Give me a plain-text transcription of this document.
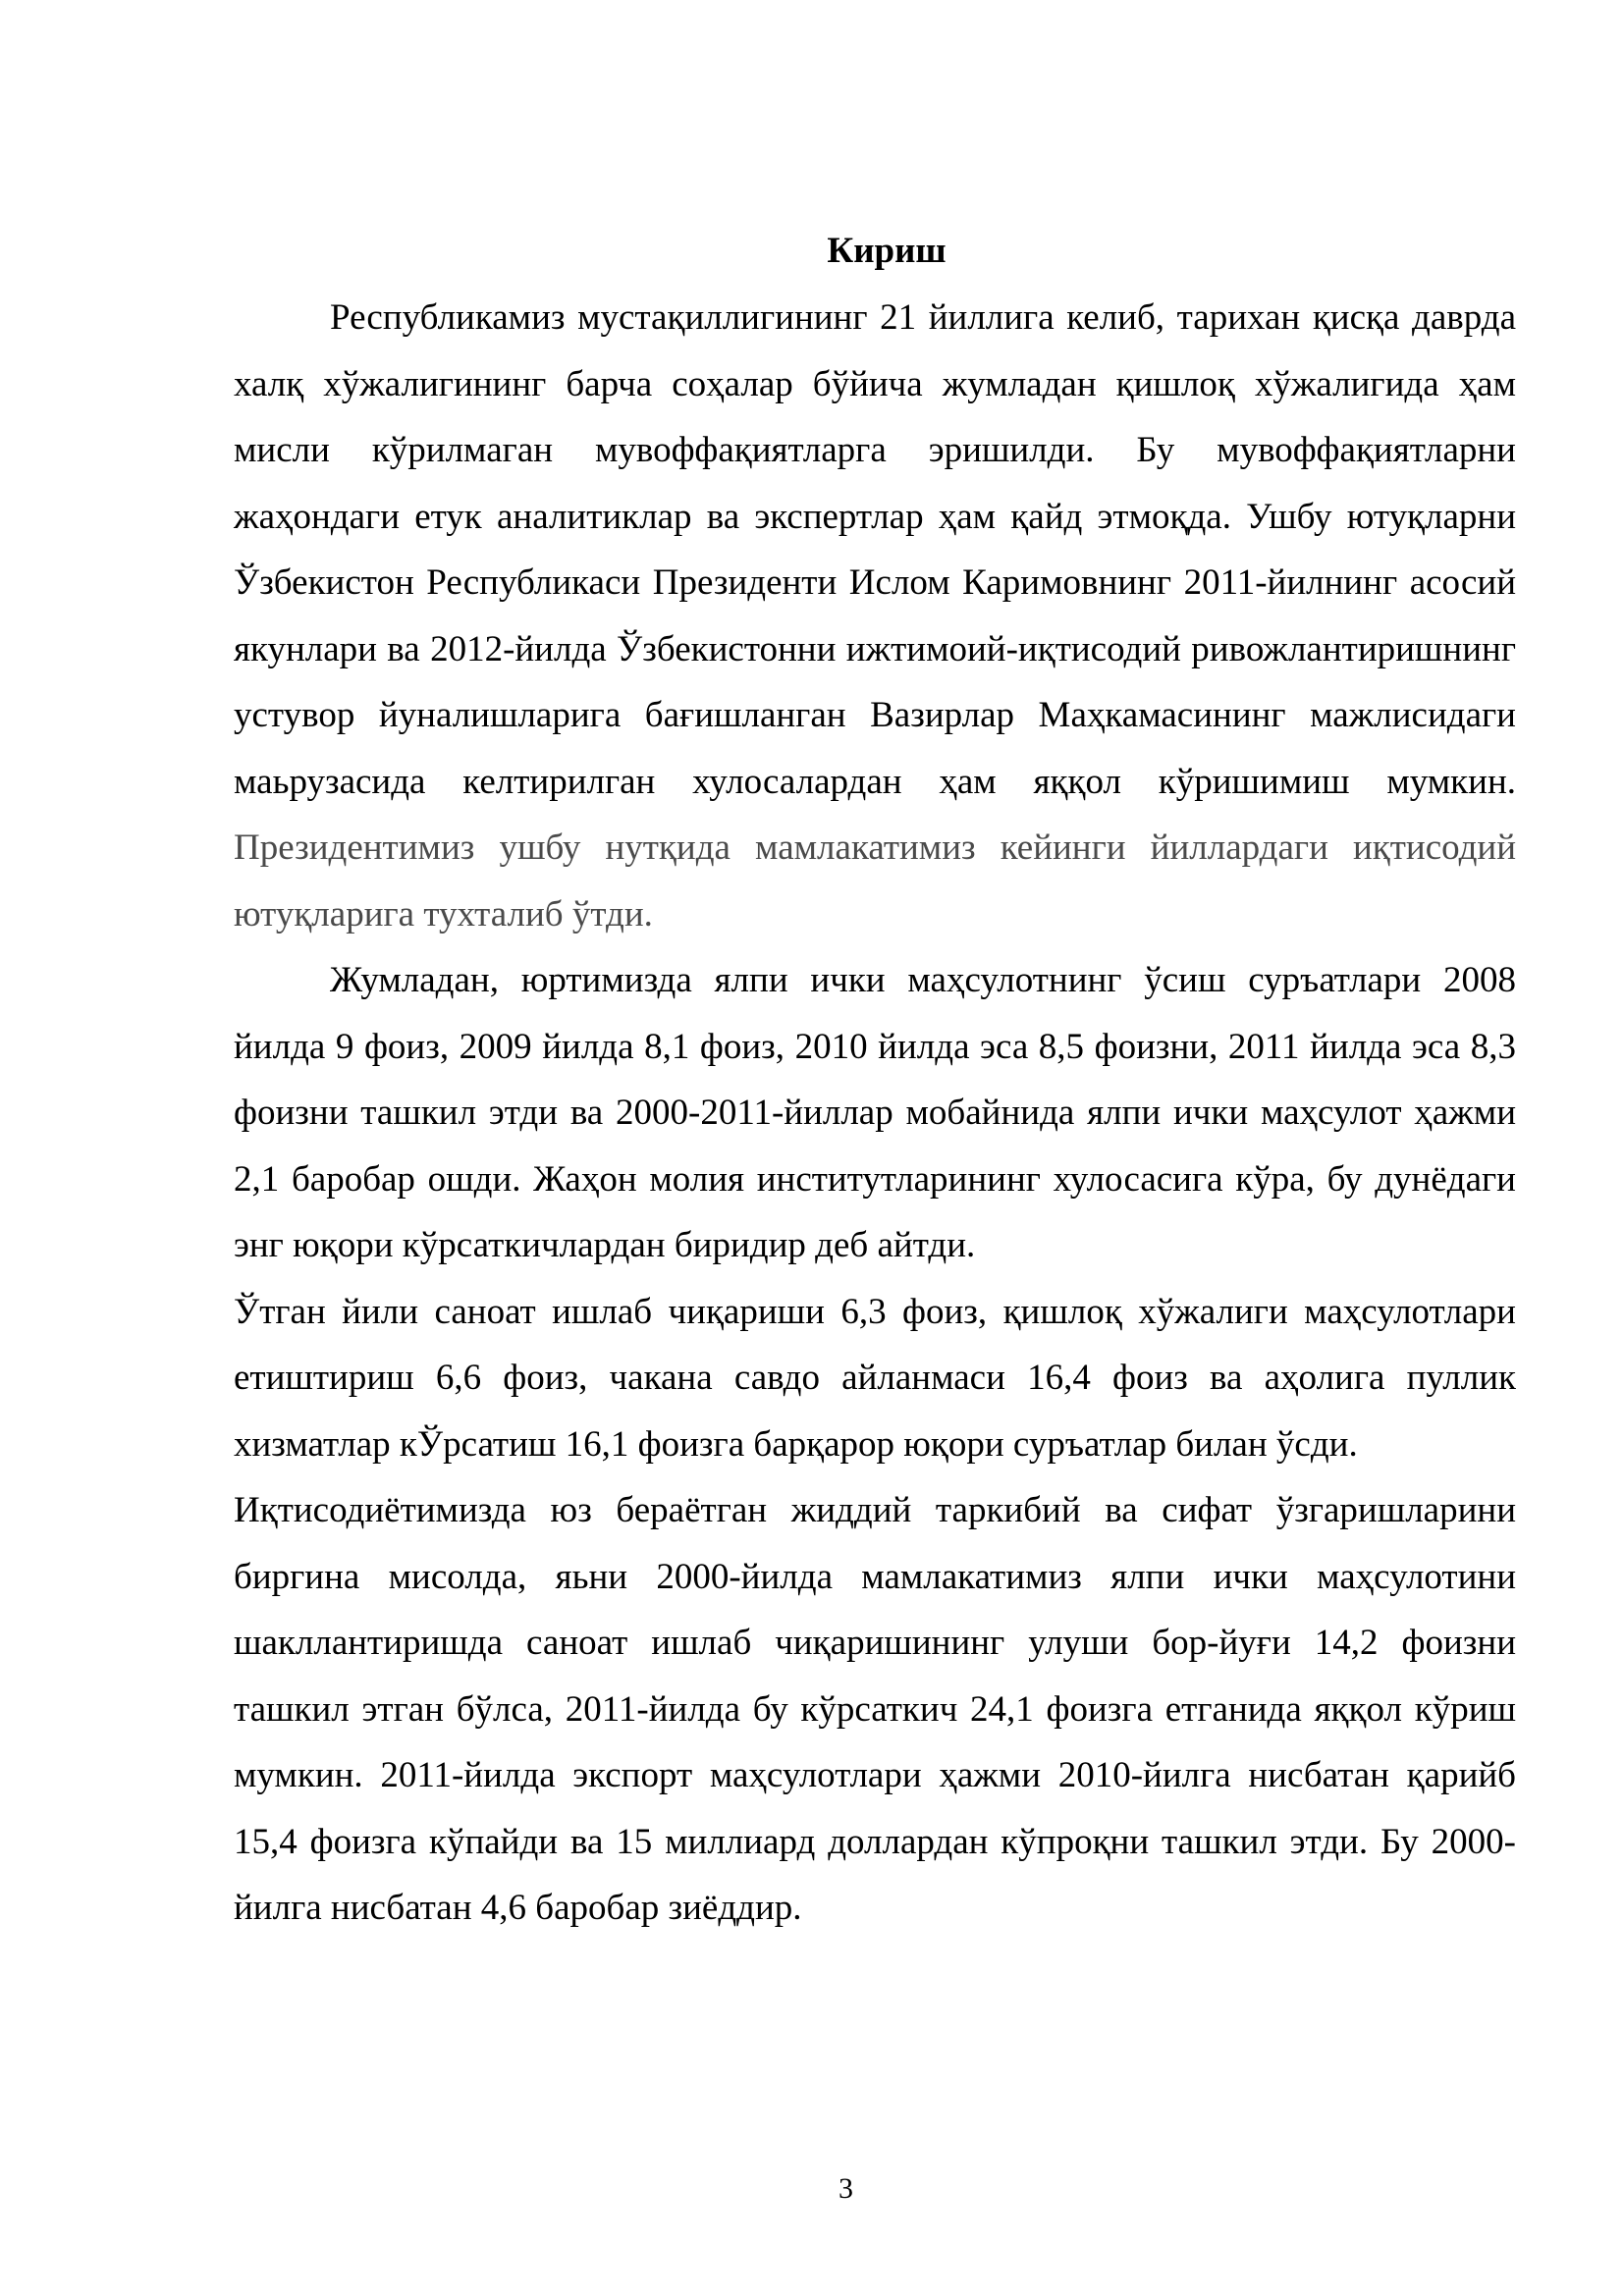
Кириш

Республикамиз мустақиллигининг 21 йиллига келиб, тарихан қисқа даврда халқ хўжалигининг барча соҳалар бўйича жумладан қишлоқ хўжалигида ҳам мисли кўрилмаган мувоффақиятларга эришилди. Бу мувоффақиятларни жаҳондаги етук аналитиклар ва экспертлар ҳам қайд этмоқда. Ушбу ютуқларни Ўзбекистон Республикаси Президенти Ислом Каримовнинг 2011-йилнинг асосий якунлари ва 2012-йилда Ўзбекистонни ижтимоий-иқтисодий ривожлантиришнинг устувор йуналишларига бағишланган Вазирлар Маҳкамасининг мажлисидаги маьрузасида келтирилган хулосалардан ҳам яққол кўришимиш мумкин. Президентимиз ушбу нутқида мамлакатимиз кейинги йиллардаги иқтисодий ютуқларига тухталиб ўтди.

Жумладан, юртимизда ялпи ички маҳсулотнинг ўсиш суръатлари 2008 йилда 9 фоиз, 2009 йилда 8,1 фоиз, 2010 йилда эса 8,5 фоизни, 2011 йилда эса 8,3 фоизни ташкил этди ва 2000-2011-йиллар мобайнида ялпи ички маҳсулот ҳажми 2,1 баробар ошди. Жаҳон молия институтларининг хулосасига кўра, бу дунёдаги энг юқори кўрсаткичлардан биридир деб айтди.

Ўтган йили саноат ишлаб чиқариши 6,3 фоиз, қишлоқ хўжалиги маҳсулотлари етиштириш 6,6 фоиз, чакана савдо айланмаси 16,4 фоиз ва аҳолига пуллик хизматлар кЎрсатиш 16,1 фоизга барқарор юқори суръатлар билан ўсди.

Иқтисодиётимизда юз бераётган жиддий таркибий ва сифат ўзгаришларини биргина мисолда, яьни 2000-йилда мамлакатимиз ялпи ички маҳсулотини шакллантиришда саноат ишлаб чиқаришининг улуши бор-йуғи 14,2 фоизни ташкил этган бўлса, 2011-йилда бу кўрсаткич 24,1 фоизга етганида яққол кўриш мумкин. 2011-йилда экспорт маҳсулотлари ҳажми 2010-йилга нисбатан қарийб 15,4 фоизга кўпайди ва 15 миллиард доллардан кўпроқни ташкил этди. Бу 2000-йилга нисбатан 4,6 баробар зиёддир.

3
